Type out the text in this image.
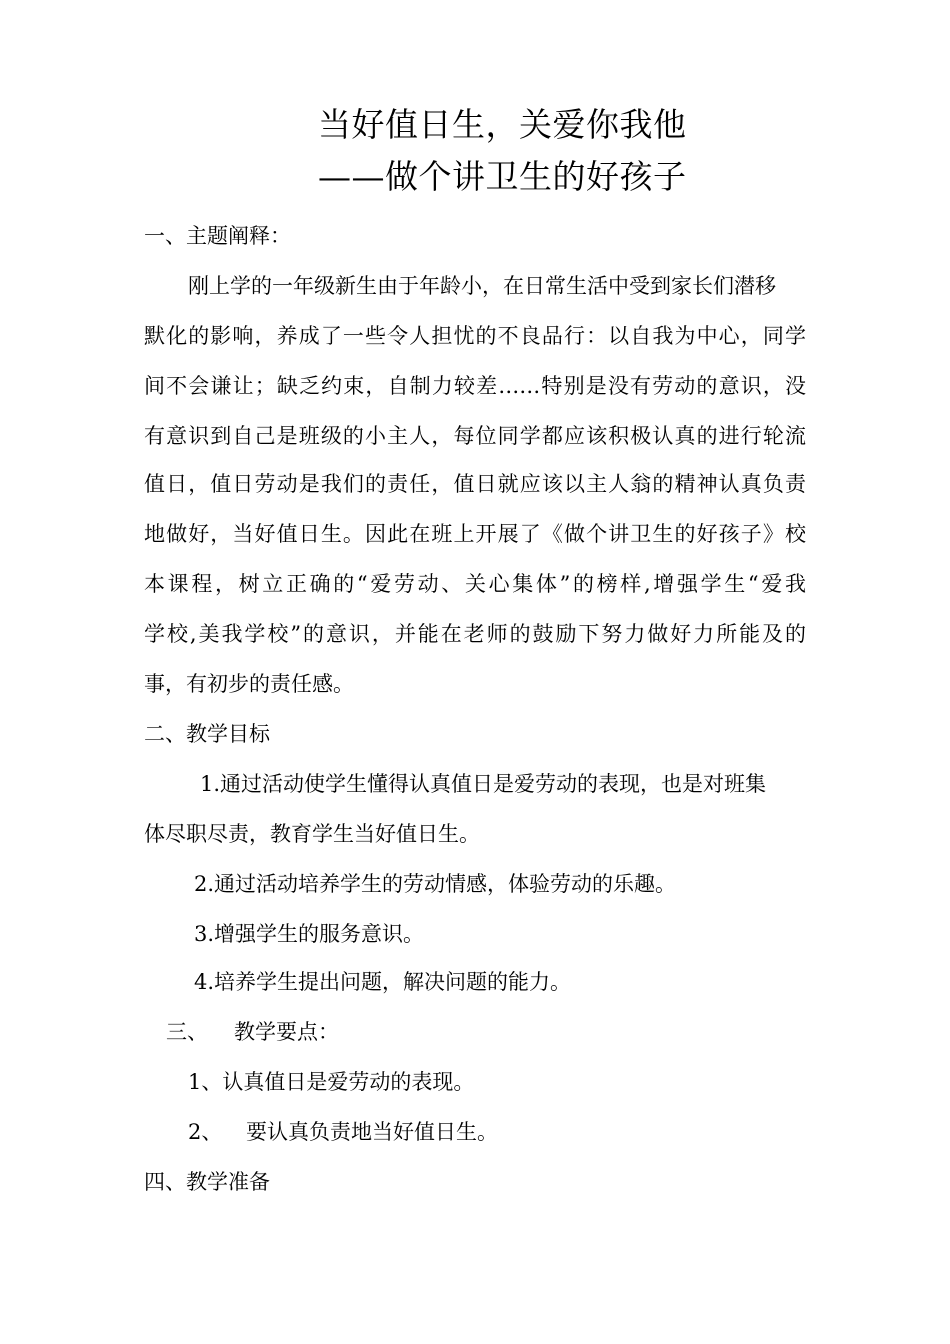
当好值日生，关爱你我他
——做个讲卫生的好孩子
一、主题阐释：
刚上学的一年级新生由于年龄小，在日常生活中受到家长们潜移
默化的影响，养成了一些令人担忧的不良品行：以自我为中心，同学
间不会谦让；缺乏约束，自制力较差……特别是没有劳动的意识，没
有意识到自己是班级的小主人，每位同学都应该积极认真的进行轮流
值日，值日劳动是我们的责任，值日就应该以主人翁的精神认真负责
地做好，当好值日生。因此在班上开展了《做个讲卫生的好孩子》校
本课程，树立正确的“爱劳动、关心集体”的榜样,增强学生“爱我
学校,美我学校”的意识，并能在老师的鼓励下努力做好力所能及的
事，有初步的责任感。
二、教学目标
1.通过活动使学生懂得认真值日是爱劳动的表现，也是对班集
体尽职尽责，教育学生当好值日生。
2.通过活动培养学生的劳动情感，体验劳动的乐趣。
3.增强学生的服务意识。
4.培养学生提出问题，解决问题的能力。
三、 教学要点：
1、认真值日是爱劳动的表现。
2、 要认真负责地当好值日生。
四、教学准备
